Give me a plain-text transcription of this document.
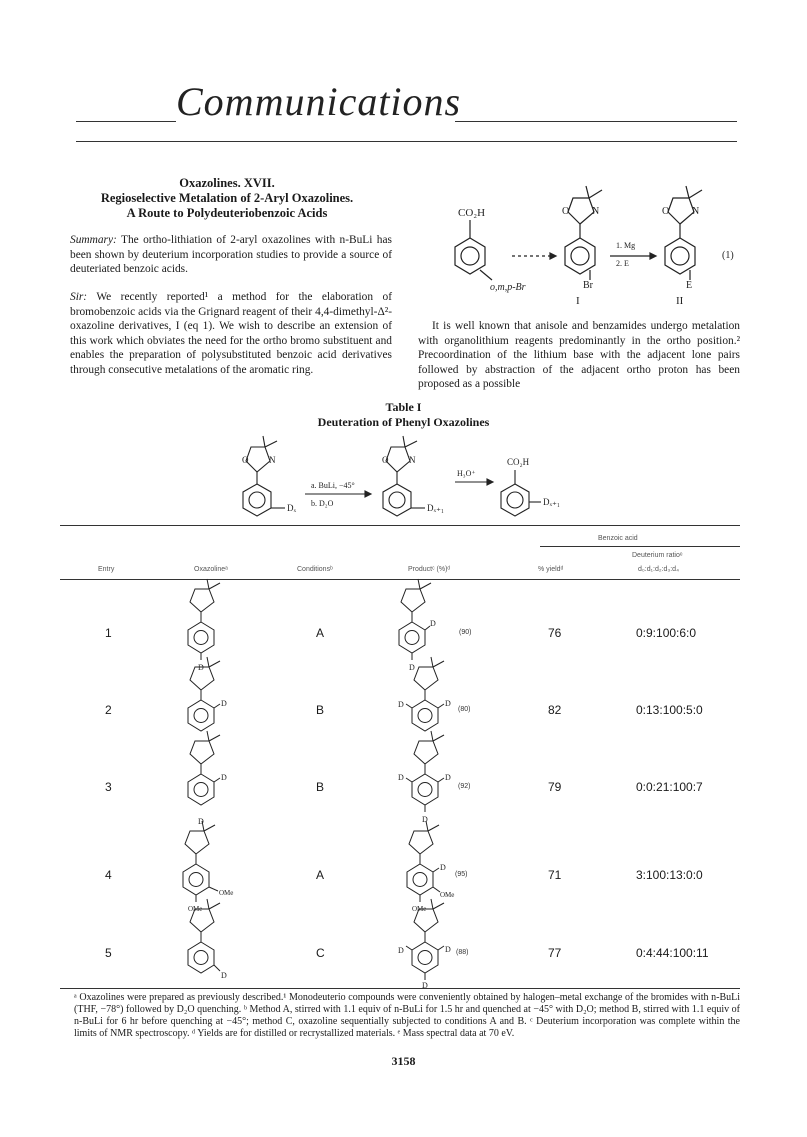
Communications
Oxazolines. XVII.
Regioselective Metalation of 2-Aryl Oxazolines.
A Route to Polydeuteriobenzoic Acids
Summary: The ortho-lithiation of 2-aryl oxazolines with n-BuLi has been shown by deuterium incorporation studies to provide a source of deuteriated benzoic acids.
Sir: We recently reported¹ a method for the elaboration of bromobenzoic acids via the Grignard reagent of their 4,4-dimethyl-Δ²-oxazoline derivatives, I (eq 1). We wish to describe an extension of this work which obviates the need for the ortho bromo substituent and enables the preparation of polysubstituted benzoic acid derivatives through consecutive metalations of the aromatic ring.
It is well known that anisole and benzamides undergo metalation with organolithium reagents predominantly in the ortho position.² Precoordination of the lithium base with the adjacent lone pairs followed by abstraction of the adjacent ortho proton has been proposed as a possible
CO₂H
o,m,p-Br
O N
Br
I
1. Mg
2. E
O N
E
II
(1)
Table I
Deuteration of Phenyl Oxazolines
O N
Dₓ
a. BuLi, −45°
b. D₂O
O N
Dₓ₊₁
H₃O⁺
CO₂H
Dₓ₊₁
Benzoic acid
Deuterium ratioᵉ
Entry	Oxazolineᵃ	Conditionsᵇ	Productᶜ (%)ᵈ	% yieldᵈ	d₀:d₁:d₂:d₃:d₄
1	A	(90)	76	0:9:100:6:0
2	B	(80)	82	0:13:100:5:0
3	B	(92)	79	0:0:21:100:7
4	A	(95)	71	3:100:13:0:0
5	C	(88)	77	0:4:44:100:11
D	D
D
D	D	D
D
D
D	D
D
OMe
OMe
D
OMe
OMe
D
D	D
D
ᵃ Oxazolines were prepared as previously described.¹ Monodeuterio compounds were conveniently obtained by halogen–metal exchange of the bromides with n-BuLi (THF, −78°) followed by D₂O quenching. ᵇ Method A, stirred with 1.1 equiv of n-BuLi for 1.5 hr and quenched at −45° with D₂O; method B, stirred with 1.1 equiv of n-BuLi for 6 hr before quenching at −45°; method C, oxazoline sequentially subjected to conditions A and B. ᶜ Deuterium incorporation was complete within the limits of NMR spectroscopy. ᵈ Yields are for distilled or recrystallized materials. ᵉ Mass spectral data at 70 eV.
3158
